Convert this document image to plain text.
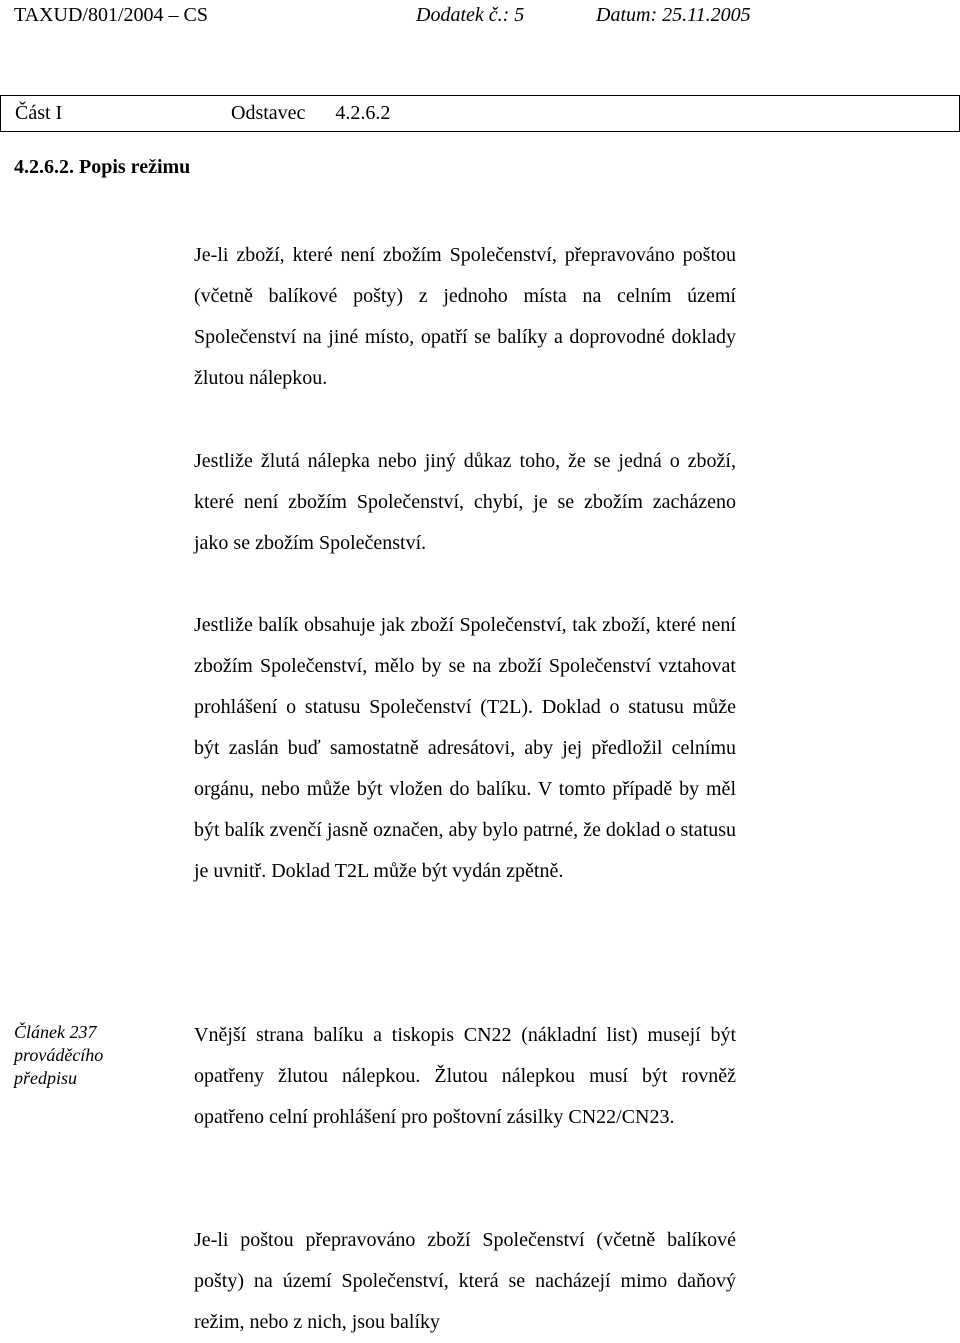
TAXUD/801/2004 – CS	Dodatek č.: 5	Datum: 25.11.2005
Část I	Odstavec      4.2.6.2
4.2.6.2. Popis režimu

Je-li zboží, které není zbožím Společenství, přepravováno poštou (včetně balíkové pošty) z jednoho místa na celním území Společenství na jiné místo, opatří se balíky a doprovodné doklady žlutou nálepkou.

Jestliže žlutá nálepka nebo jiný důkaz toho, že se jedná o zboží, které není zbožím Společenství, chybí, je se zbožím zacházeno jako se zbožím Společenství.

Jestliže balík obsahuje jak zboží Společenství, tak zboží, které není zbožím Společenství, mělo by se na zboží Společenství vztahovat prohlášení o statusu Společenství (T2L). Doklad o statusu může být zaslán buď samostatně adresátovi, aby jej předložil celnímu orgánu, nebo může být vložen do balíku. V tomto případě by měl být balík zvenčí jasně označen, aby bylo patrné, že doklad o statusu je uvnitř. Doklad T2L může být vydán zpětně.

Článek 237
prováděcího
předpisu

Vnější strana balíku a tiskopis CN22 (nákladní list) musejí být opatřeny žlutou nálepkou. Žlutou nálepkou musí být rovněž opatřeno celní prohlášení pro poštovní zásilky CN22/CN23.

Je-li poštou přepravováno zboží Společenství (včetně balíkové pošty) na území Společenství, která se nacházejí mimo daňový režim, nebo z nich, jsou balíky
